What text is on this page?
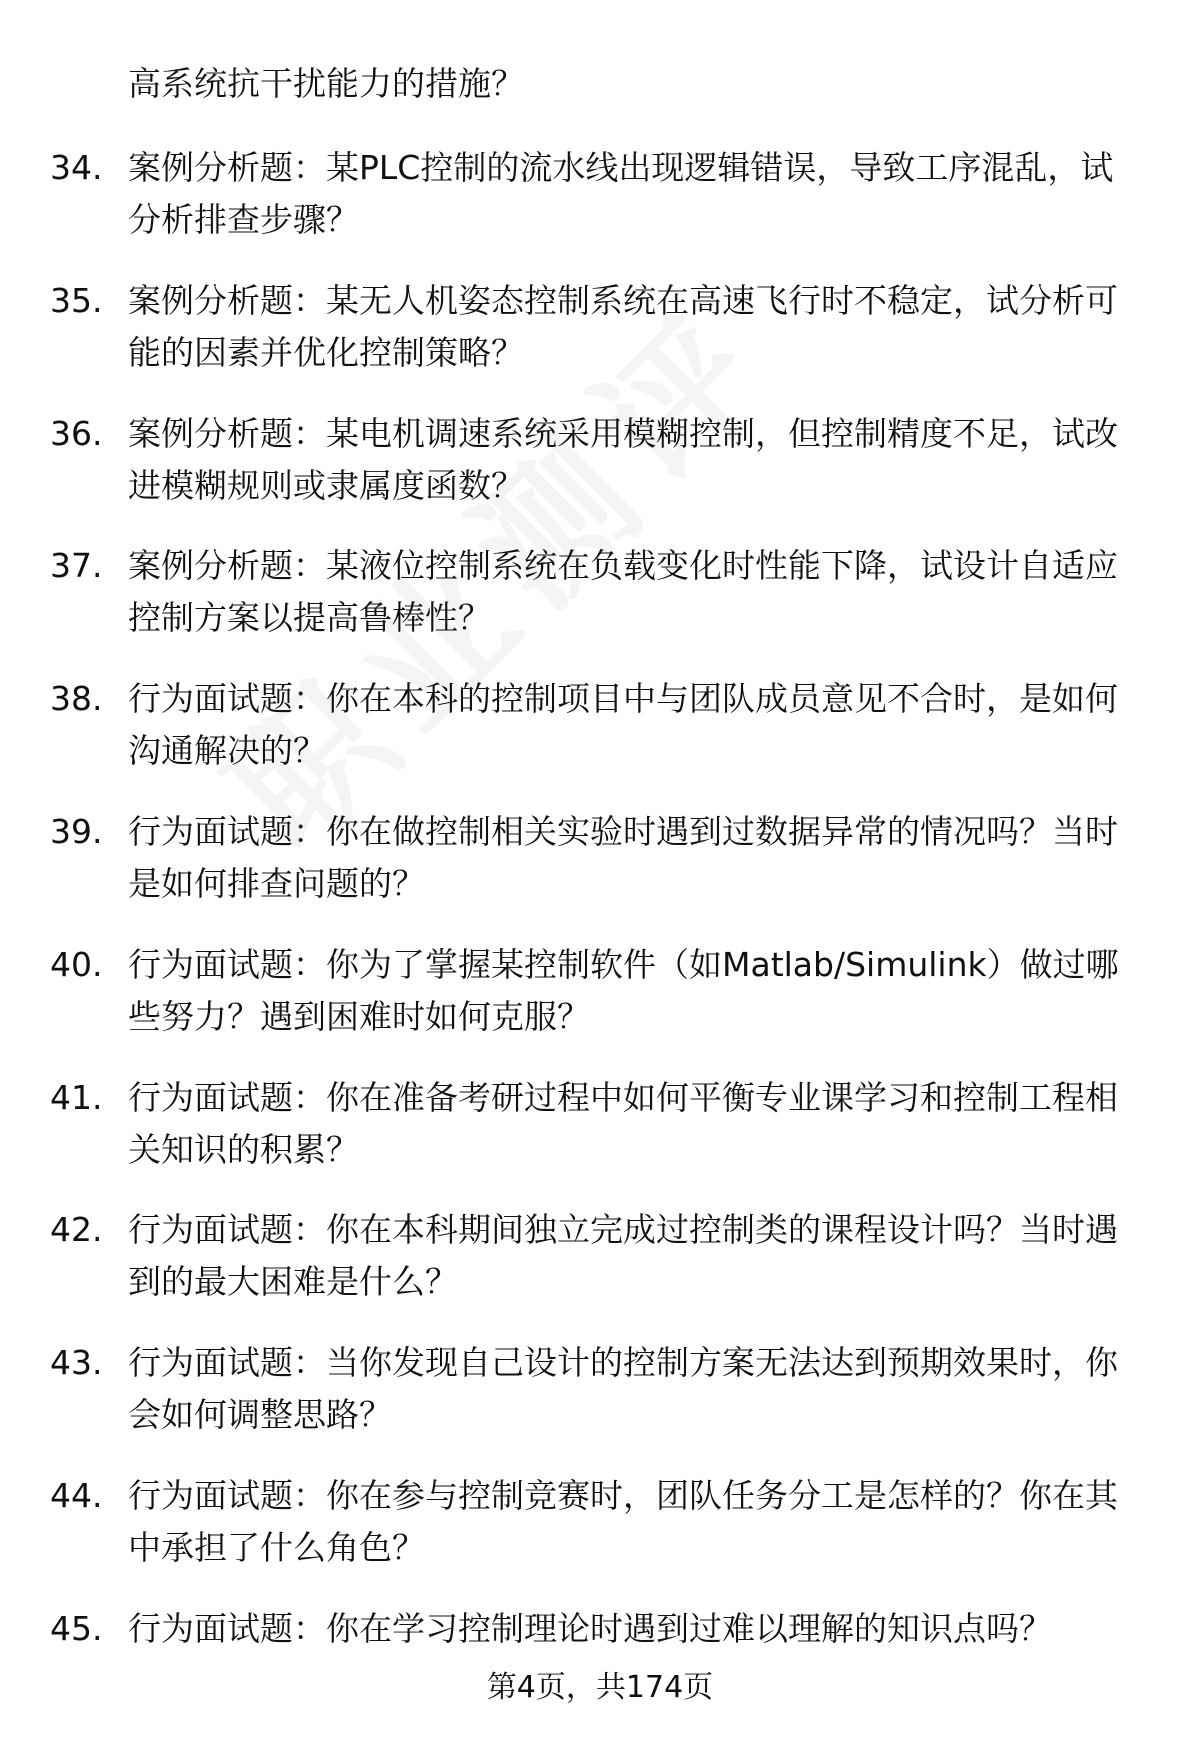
高系统抗干扰能力的措施？
34. 案例分析题：某PLC控制的流水线出现逻辑错误，导致工序混乱，试分析排查步骤？
35. 案例分析题：某无人机姿态控制系统在高速飞行时不稳定，试分析可能的因素并优化控制策略？
36. 案例分析题：某电机调速系统采用模糊控制，但控制精度不足，试改进模糊规则或隶属度函数？
37. 案例分析题：某液位控制系统在负载变化时性能下降，试设计自适应控制方案以提高鲁棒性？
38. 行为面试题：你在本科的控制项目中与团队成员意见不合时，是如何沟通解决的？
39. 行为面试题：你在做控制相关实验时遇到过数据异常的情况吗？当时是如何排查问题的？
40. 行为面试题：你为了掌握某控制软件（如Matlab/Simulink）做过哪些努力？遇到困难时如何克服？
41. 行为面试题：你在准备考研过程中如何平衡专业课学习和控制工程相关知识的积累？
42. 行为面试题：你在本科期间独立完成过控制类的课程设计吗？当时遇到的最大困难是什么？
43. 行为面试题：当你发现自己设计的控制方案无法达到预期效果时，你会如何调整思路？
44. 行为面试题：你在参与控制竞赛时，团队任务分工是怎样的？你在其中承担了什么角色？
45. 行为面试题：你在学习控制理论时遇到过难以理解的知识点吗？
第4页，共174页
